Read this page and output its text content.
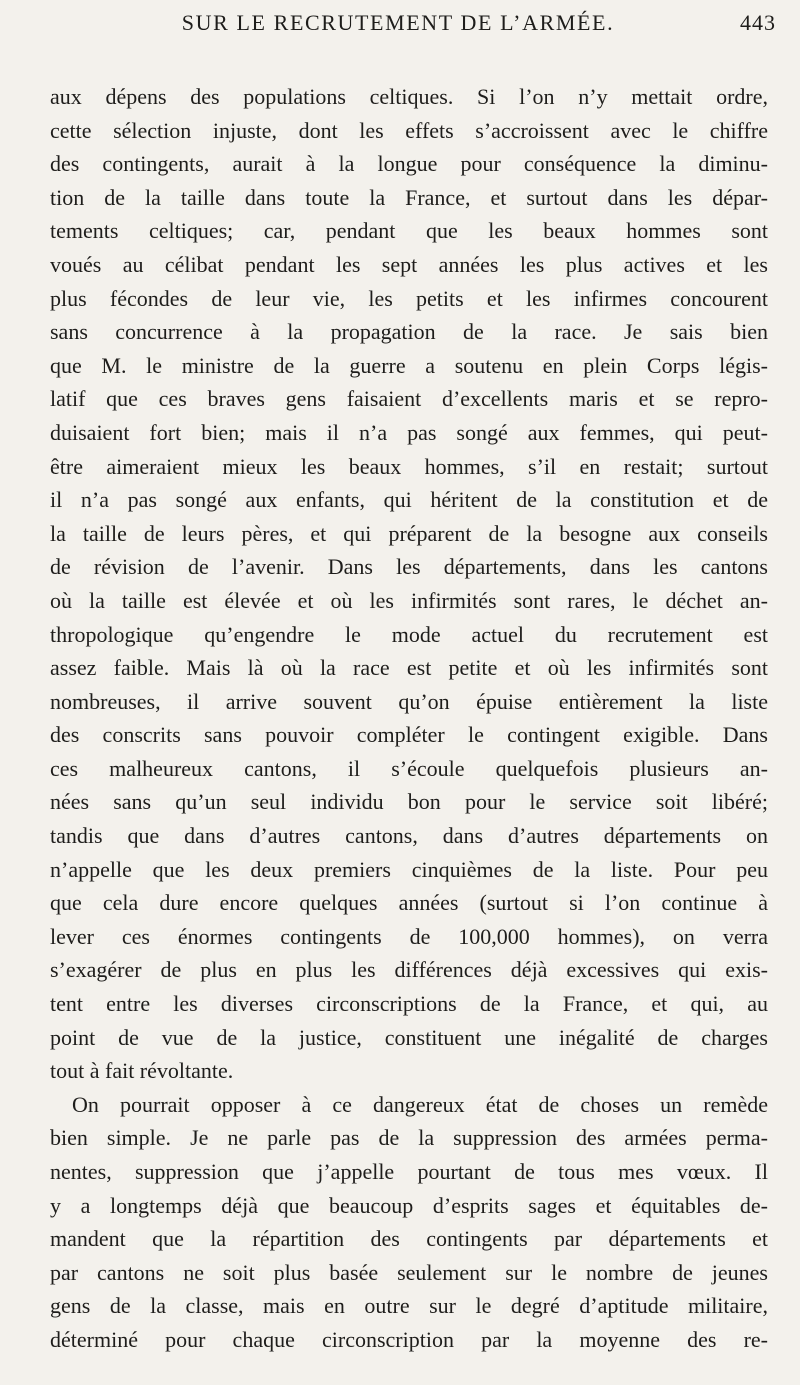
SUR LE RECRUTEMENT DE L’ARMÉE.	443
aux dépens des populations celtiques. Si l’on n’y mettait ordre,
cette sélection injuste, dont les effets s’accroissent avec le chiffre
des contingents, aurait à la longue pour conséquence la diminu-
tion de la taille dans toute la France, et surtout dans les dépar-
tements celtiques; car, pendant que les beaux hommes sont
voués au célibat pendant les sept années les plus actives et les
plus fécondes de leur vie, les petits et les infirmes concourent
sans concurrence à la propagation de la race. Je sais bien
que M. le ministre de la guerre a soutenu en plein Corps légis-
latif que ces braves gens faisaient d’excellents maris et se repro-
duisaient fort bien; mais il n’a pas songé aux femmes, qui peut-
être aimeraient mieux les beaux hommes, s’il en restait; surtout
il n’a pas songé aux enfants, qui héritent de la constitution et de
la taille de leurs pères, et qui préparent de la besogne aux conseils
de révision de l’avenir. Dans les départements, dans les cantons
où la taille est élevée et où les infirmités sont rares, le déchet an-
thropologique qu’engendre le mode actuel du recrutement est
assez faible. Mais là où la race est petite et où les infirmités sont
nombreuses, il arrive souvent qu’on épuise entièrement la liste
des conscrits sans pouvoir compléter le contingent exigible. Dans
ces malheureux cantons, il s’écoule quelquefois plusieurs an-
nées sans qu’un seul individu bon pour le service soit libéré;
tandis que dans d’autres cantons, dans d’autres départements on
n’appelle que les deux premiers cinquièmes de la liste. Pour peu
que cela dure encore quelques années (surtout si l’on continue à
lever ces énormes contingents de 100,000 hommes), on verra
s’exagérer de plus en plus les différences déjà excessives qui exis-
tent entre les diverses circonscriptions de la France, et qui, au
point de vue de la justice, constituent une inégalité de charges
tout à fait révoltante.
On pourrait opposer à ce dangereux état de choses un remède
bien simple. Je ne parle pas de la suppression des armées perma-
nentes, suppression que j’appelle pourtant de tous mes vœux. Il
y a longtemps déjà que beaucoup d’esprits sages et équitables de-
mandent que la répartition des contingents par départements et
par cantons ne soit plus basée seulement sur le nombre de jeunes
gens de la classe, mais en outre sur le degré d’aptitude militaire,
déterminé pour chaque circonscription par la moyenne des re-
